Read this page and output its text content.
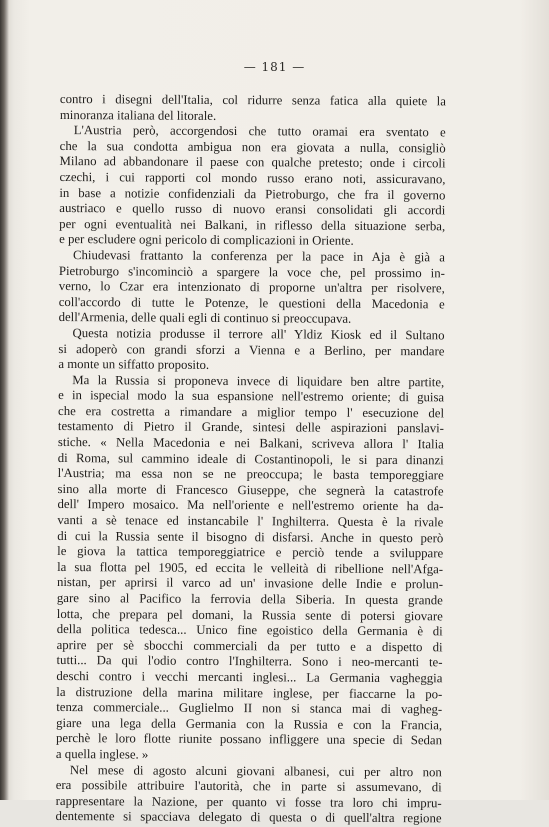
— 181 —
contro i disegni dell'Italia, col ridurre senza fatica alla quiete la
minoranza italiana del litorale.
L'Austria però, accorgendosi che tutto oramai era sventato e
che la sua condotta ambigua non era giovata a nulla, consigliò
Milano ad abbandonare il paese con qualche pretesto; onde i circoli
czechi, i cui rapporti col mondo russo erano noti, assicuravano,
in base a notizie confidenziali da Pietroburgo, che fra il governo
austriaco e quello russo di nuovo eransi consolidati gli accordi
per ogni eventualità nei Balkani, in riflesso della situazione serba,
e per escludere ogni pericolo di complicazioni in Oriente.
Chiudevasi frattanto la conferenza per la pace in Aja è già a
Pietroburgo s'incominciò a spargere la voce che, pel prossimo in-
verno, lo Czar era intenzionato di proporne un'altra per risolvere,
coll'accordo di tutte le Potenze, le questioni della Macedonia e
dell'Armenia, delle quali egli di continuo si preoccupava.
Questa notizia produsse il terrore all' Yldiz Kiosk ed il Sultano
si adoperò con grandi sforzi a Vienna e a Berlino, per mandare
a monte un siffatto proposito.
Ma la Russia si proponeva invece di liquidare ben altre partite,
e in ispecial modo la sua espansione nell'estremo oriente; di guisa
che era costretta a rimandare a miglior tempo l' esecuzione del
testamento di Pietro il Grande, sintesi delle aspirazioni panslavi-
stiche. « Nella Macedonia e nei Balkani, scriveva allora l' Italia
di Roma, sul cammino ideale di Costantinopoli, le si para dinanzi
l'Austria; ma essa non se ne preoccupa; le basta temporeggiare
sino alla morte di Francesco Giuseppe, che segnerà la catastrofe
dell' Impero mosaico. Ma nell'oriente e nell'estremo oriente ha da-
vanti a sè tenace ed instancabile l' Inghilterra. Questa è la rivale
di cui la Russia sente il bisogno di disfarsi. Anche in questo però
le giova la tattica temporeggiatrice e perciò tende a sviluppare
la sua flotta pel 1905, ed eccita le velleità di ribellione nell'Afga-
nistan, per aprirsi il varco ad un' invasione delle Indie e prolun-
gare sino al Pacifico la ferrovia della Siberia. In questa grande
lotta, che prepara pel domani, la Russia sente di potersi giovare
della politica tedesca... Unico fine egoistico della Germania è di
aprire per sè sbocchi commerciali da per tutto e a dispetto di
tutti... Da qui l'odio contro l'Inghilterra. Sono i neo-mercanti te-
deschi contro i vecchi mercanti inglesi... La Germania vagheggia
la distruzione della marina militare inglese, per fiaccarne la po-
tenza commerciale... Guglielmo II non si stanca mai di vagheg-
giare una lega della Germania con la Russia e con la Francia,
perchè le loro flotte riunite possano infliggere una specie di Sedan
a quella inglese. »
Nel mese di agosto alcuni giovani albanesi, cui per altro non
era possibile attribuire l'autorità, che in parte si assumevano, di
rappresentare la Nazione, per quanto vi fosse tra loro chi impru-
dentemente si spacciava delegato di questa o di quell'altra regione
